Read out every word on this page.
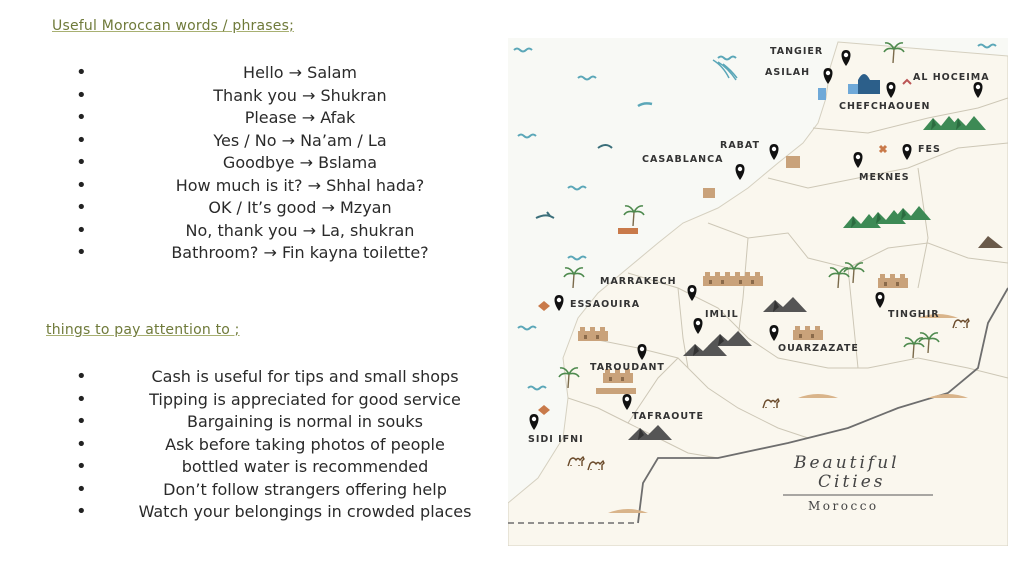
Useful Moroccan words / phrases;
• Hello → Salam
• Thank you → Shukran
• Please → Afak
• Yes / No → Na’am / La
• Goodbye → Bslama
• How much is it? → Shhal hada?
• OK / It’s good → Mzyan
• No, thank you → La, shukran
• Bathroom? → Fin kayna toilette?
things to pay attention to ;
• Cash is useful for tips and small shops
• Tipping is appreciated for good service
• Bargaining is normal in souks
• Ask before taking photos of people
• bottled water is recommended
• Don’t follow strangers offering help
• Watch your belongings in crowded places
TANGIER
ASILAH	AL HOCEIMA
CHEFCHAOUEN
RABAT
CASABLANCA
FES
MEKNES
MARRAKECH
ESSAOUIRA
IMLIL	TINGHIR
OUARZAZATE
TAROUDANT
TAFRAOUTE
SIDI IFNI
Beautiful
Cities
Morocco
